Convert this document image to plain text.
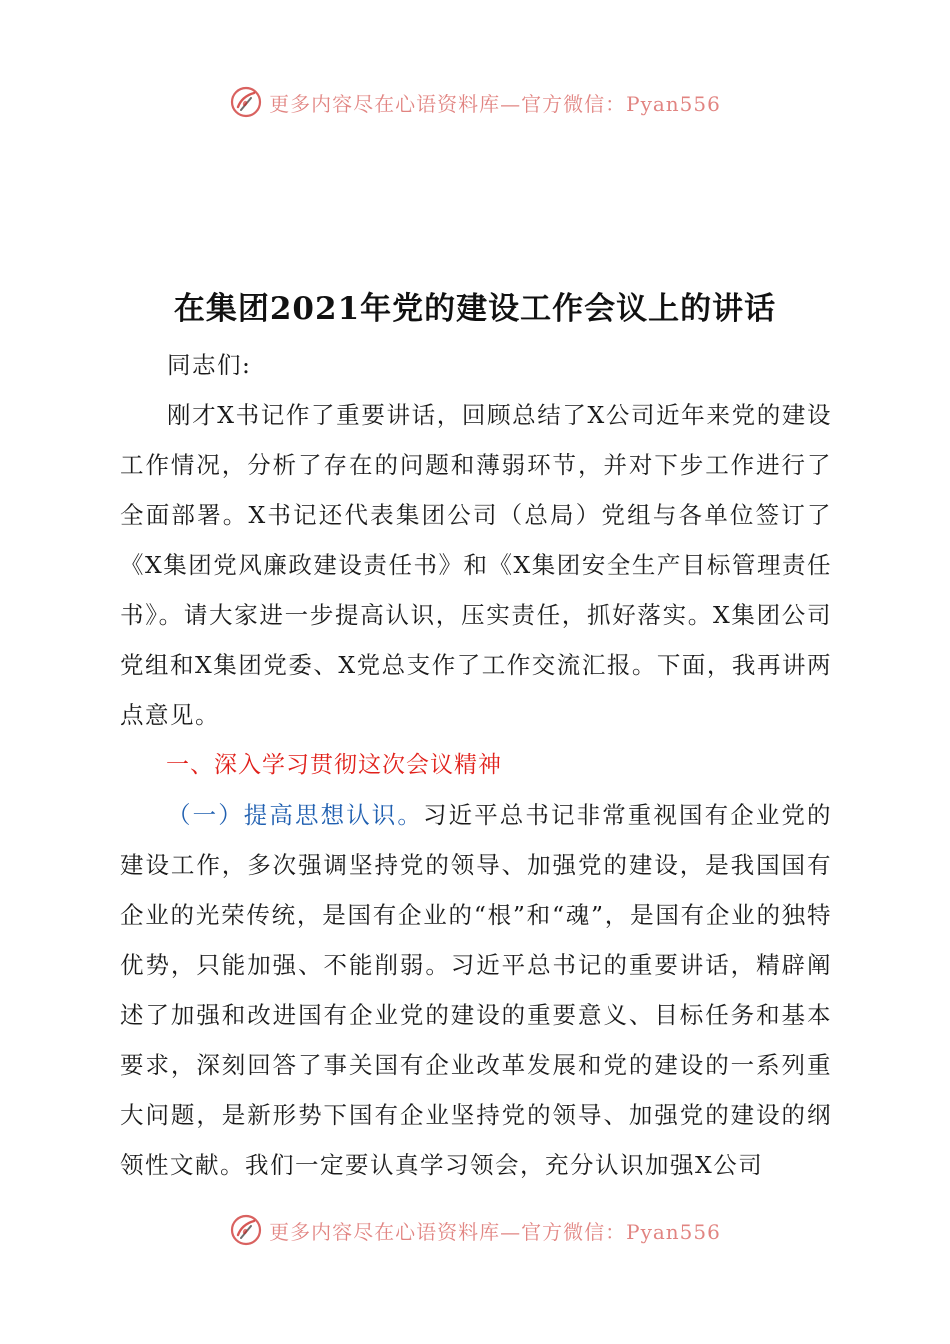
更多内容尽在心语资料库—官方微信：Pyan556
在集团2021年党的建设工作会议上的讲话

同志们:

刚才X书记作了重要讲话，回顾总结了X公司近年来党的建设工作情况，分析了存在的问题和薄弱环节，并对下步工作进行了全面部署。X书记还代表集团公司（总局）党组与各单位签订了《X集团党风廉政建设责任书》和《X集团安全生产目标管理责任书》。请大家进一步提高认识，压实责任，抓好落实。X集团公司党组和X集团党委、X党总支作了工作交流汇报。下面，我再讲两点意见。

一、深入学习贯彻这次会议精神

（一）提高思想认识。习近平总书记非常重视国有企业党的建设工作，多次强调坚持党的领导、加强党的建设，是我国国有企业的光荣传统，是国有企业的“根”和“魂”，是国有企业的独特优势，只能加强、不能削弱。习近平总书记的重要讲话，精辟阐述了加强和改进国有企业党的建设的重要意义、目标任务和基本要求，深刻回答了事关国有企业改革发展和党的建设的一系列重大问题，是新形势下国有企业坚持党的领导、加强党的建设的纲领性文献。我们一定要认真学习领会，充分认识加强X公司

更多内容尽在心语资料库—官方微信：Pyan556
